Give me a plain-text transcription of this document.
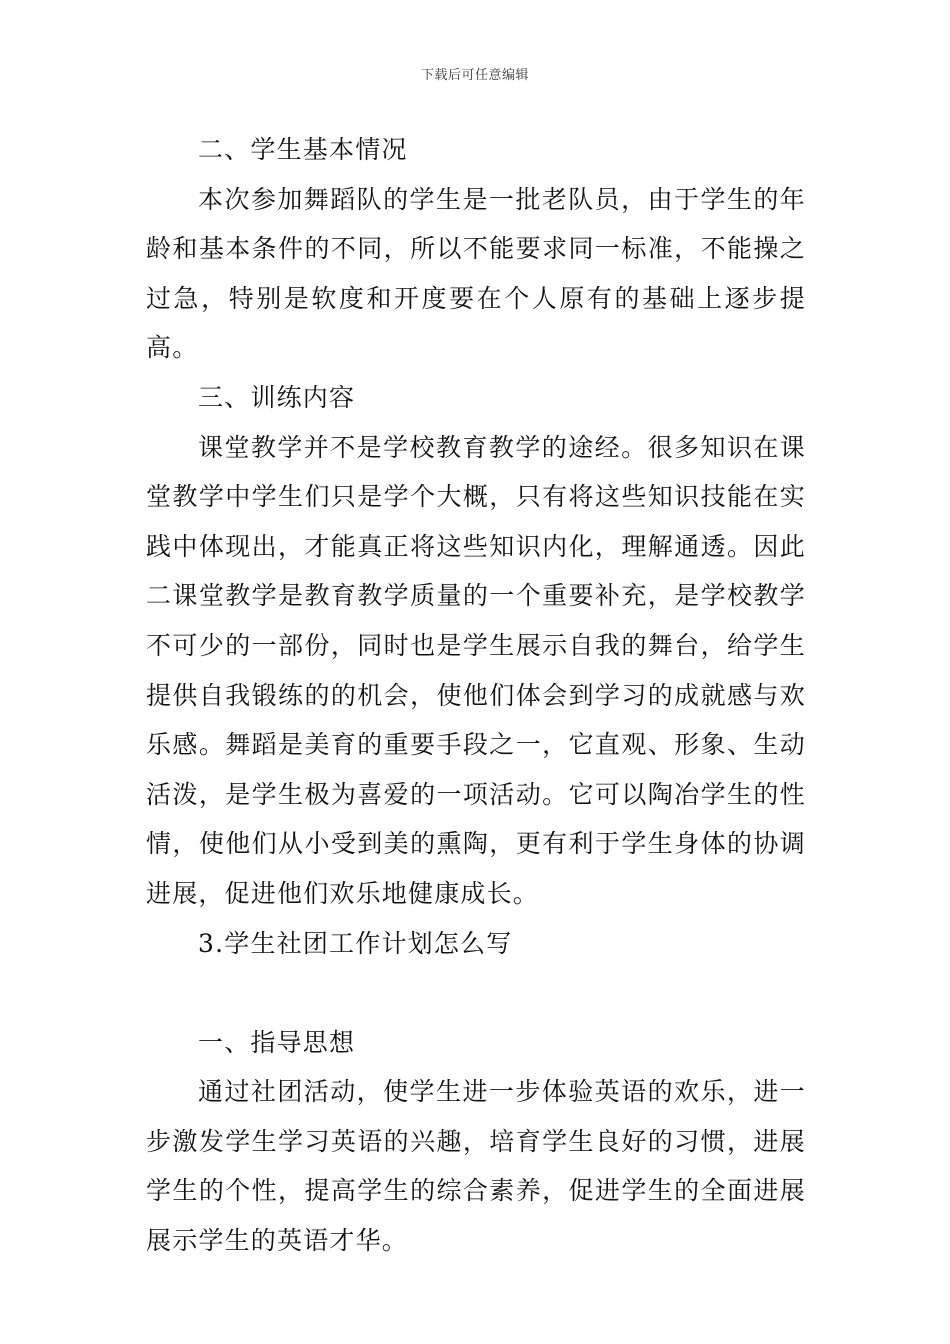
下载后可任意编辑

二、学生基本情况

本次参加舞蹈队的学生是一批老队员，由于学生的年龄和基本条件的不同，所以不能要求同一标准，不能操之过急，特别是软度和开度要在个人原有的基础上逐步提高。

三、训练内容

课堂教学并不是学校教育教学的途经。很多知识在课堂教学中学生们只是学个大概，只有将这些知识技能在实践中体现出，才能真正将这些知识内化，理解通透。因此二课堂教学是教育教学质量的一个重要补充，是学校教学不可少的一部份，同时也是学生展示自我的舞台，给学生提供自我锻练的的机会，使他们体会到学习的成就感与欢乐感。舞蹈是美育的重要手段之一，它直观、形象、生动活泼，是学生极为喜爱的一项活动。它可以陶冶学生的性情，使他们从小受到美的熏陶，更有利于学生身体的协调进展，促进他们欢乐地健康成长。

3.学生社团工作计划怎么写

一、指导思想

通过社团活动，使学生进一步体验英语的欢乐，进一步激发学生学习英语的兴趣，培育学生良好的习惯，进展学生的个性，提高学生的综合素养，促进学生的全面进展展示学生的英语才华。
